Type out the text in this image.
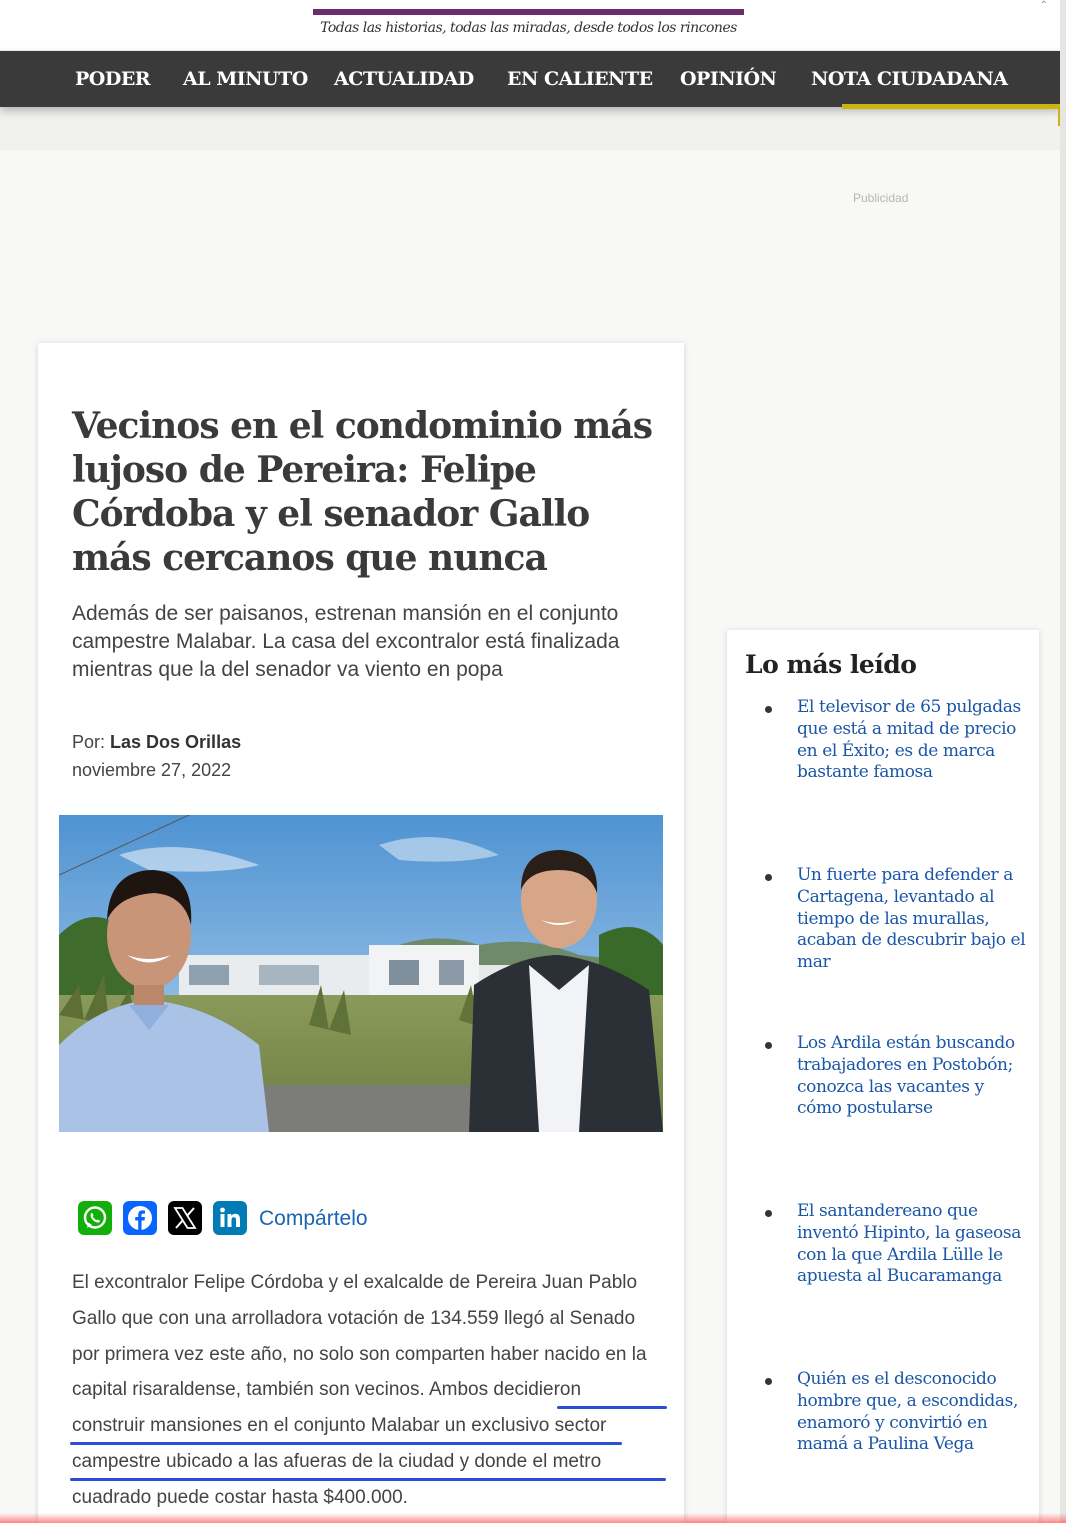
Todas las historias, todas las miradas, desde todos los rincones
⌃
PODER AL MINUTO ACTUALIDAD EN CALIENTE OPINIÓN NOTA CIUDADANA
Publicidad
Vecinos en el condominio más lujoso de Pereira: Felipe Córdoba y el senador Gallo más cercanos que nunca

Además de ser paisanos, estrenan mansión en el conjunto campestre Malabar. La casa del excontralor está finalizada mientras que la del senador va viento en popa

Por: Las Dos Orillas
noviembre 27, 2022
Compártelo

El excontralor Felipe Córdoba y el exalcalde de Pereira Juan Pablo Gallo que con una arrolladora votación de 134.559 llegó al Senado por primera vez este año, no solo son comparten haber nacido en la capital risaraldense, también son vecinos. Ambos decidieron construir mansiones en el conjunto Malabar un exclusivo sector campestre ubicado a las afueras de la ciudad y donde el metro cuadrado puede costar hasta $400.000.

Lo más leído
El televisor de 65 pulgadas que está a mitad de precio en el Éxito; es de marca bastante famosa
Un fuerte para defender a Cartagena, levantado al tiempo de las murallas, acaban de descubrir bajo el mar
Los Ardila están buscando trabajadores en Postobón; conozca las vacantes y cómo postularse
El santandereano que inventó Hipinto, la gaseosa con la que Ardila Lülle le apuesta al Bucaramanga
Quién es el desconocido hombre que, a escondidas, enamoró y convirtió en mamá a Paulina Vega
